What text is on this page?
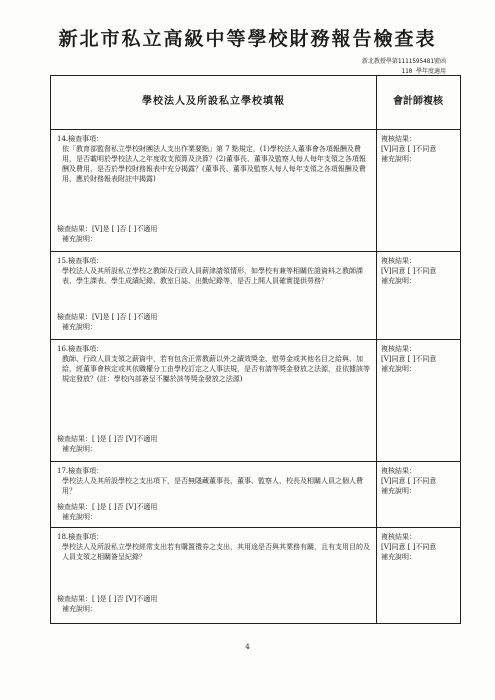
新北市私立高級中等學校財務報告檢查表
新北教授學第1111595481號函
110 學年度適用
學校法人及所設私立學校填報	會計師複核

14.檢查事項：

依「教育部監督私立學校財團法人支出作業要點」第 7 點規定，(1)學校法人董事會各項報酬及費用，是否載明於學校法人之年度收支預算及決算？(2)董事長、董事及監察人每人每年支領之各項報酬及費用，是否於學校財務報表中充分揭露？(董事長、董事及監察人每人每年支領之各項報酬及費用，應於財務報表附註中揭露)

檢查結果：[V]是 [ ]否 [ ]不適用

補充說明：

複核結果：

[V]同意 [ ]不同意

補充說明：

15.檢查事項：

學校法人及其所設私立學校之教師及行政人員薪津請領情形，如學校有兼等相關佐證資料之教師課表、學生課表、學生成績紀錄、教室日誌、出勤紀錄等，是否上開人員確實提供勞務？

檢查結果：[V]是 [ ]否 [ ]不適用

補充說明：

複核結果：

[V]同意 [ ]不同意

補充說明：

16.檢查事項：

教師、行政人員支領之薪資中，若有包含正常教薪以外之績效獎金、慰勞金或其他名目之給與、加給，經董事會核定或其依職權分工由學校訂定之人事法規，是否有請等獎金發放之法源，並依據該等規定發放？(註：學校內部簽呈不屬於該等獎金發放之法源)

檢查結果：[ ]是 [ ]否 [V]不適用

補充說明：

複核結果：

[V]同意 [ ]不同意

補充說明：

17.檢查事項：

學校法人及其所設學校之支出項下，是否無隱藏董事長、董事、監察人、校長及相關人員之個人費用？

檢查結果：[ ]是 [ ]否 [V]不適用

補充說明：

複核結果：

[V]同意 [ ]不同意

補充說明：

18.檢查事項：

學校法人及所設私立學校經常支出若有購置禮券之支出，其用途是否與其業務有關，且有支用目的及人員支領之相關簽呈紀錄？

檢查結果：[ ]是 [ ]否 [V]不適用

補充說明：

複核結果：

[V]同意 [ ]不同意

補充說明：

4
